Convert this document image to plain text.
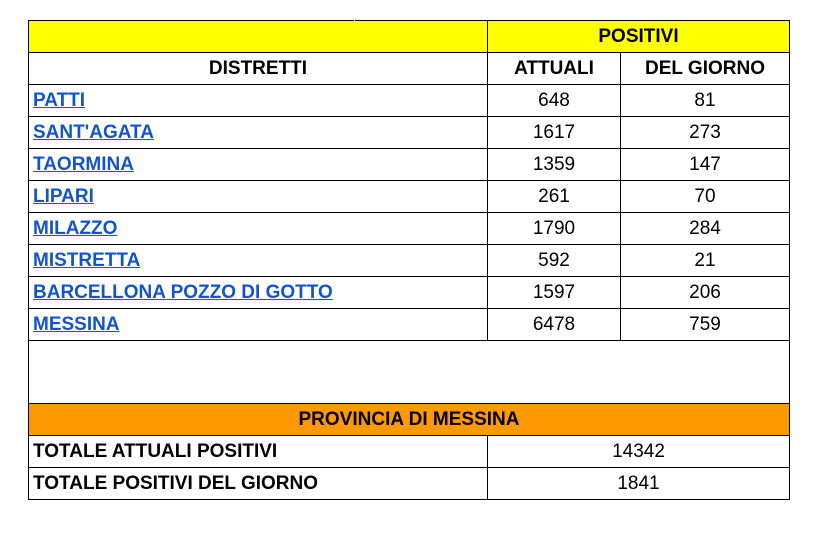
		POSITIVI	
DISTRETTI		ATTUALI	DEL GIORNO
PATTI		648	81
SANT'AGATA		1617	273
TAORMINA		1359	147
LIPARI		261	70
MILAZZO		1790	284
MISTRETTA		592	21
BARCELLONA POZZO DI GOTTO		1597	206
MESSINA		6478	759

PROVINCIA DI MESSINA			
TOTALE ATTUALI POSITIVI		14342	
TOTALE POSITIVI DEL GIORNO		1841	
